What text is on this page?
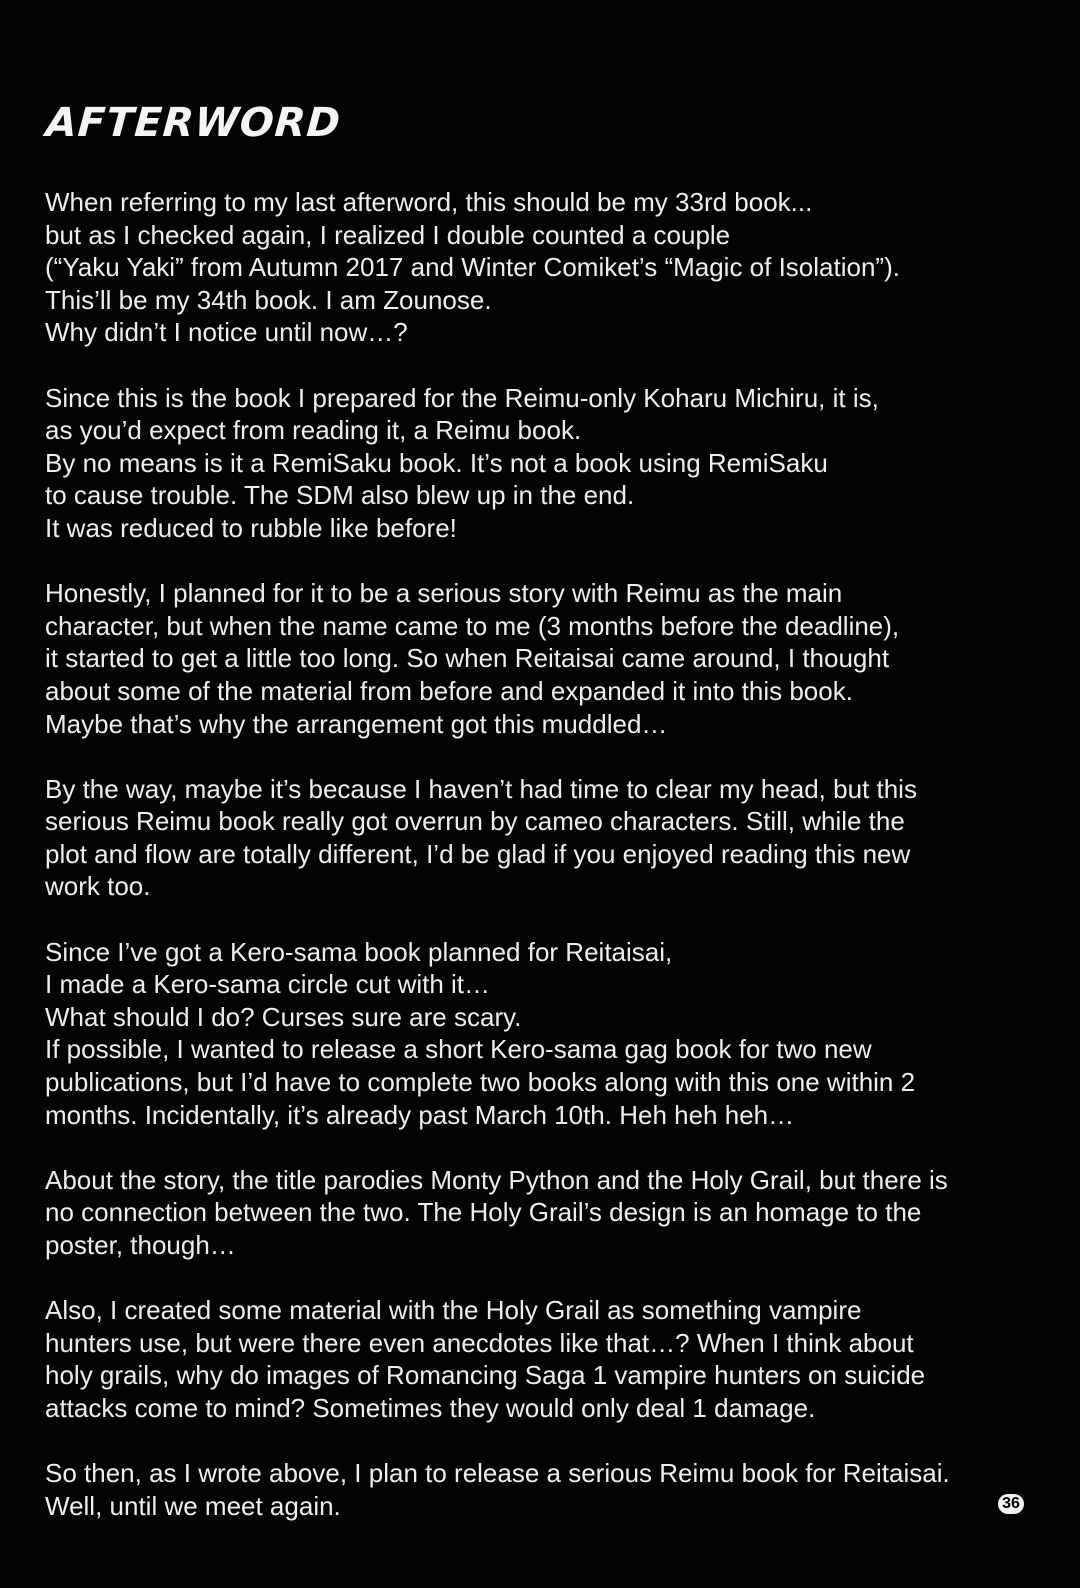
AFTERWORD

When referring to my last afterword, this should be my 33rd book...
but as I checked again, I realized I double counted a couple
(“Yaku Yaki” from Autumn 2017 and Winter Comiket’s “Magic of Isolation”).
This’ll be my 34th book. I am Zounose.
Why didn’t I notice until now…?

Since this is the book I prepared for the Reimu-only Koharu Michiru, it is,
as you’d expect from reading it, a Reimu book.
By no means is it a RemiSaku book. It’s not a book using RemiSaku
to cause trouble. The SDM also blew up in the end.
It was reduced to rubble like before!

Honestly, I planned for it to be a serious story with Reimu as the main
character, but when the name came to me (3 months before the deadline),
it started to get a little too long. So when Reitaisai came around, I thought
about some of the material from before and expanded it into this book.
Maybe that’s why the arrangement got this muddled…

By the way, maybe it’s because I haven’t had time to clear my head, but this
serious Reimu book really got overrun by cameo characters. Still, while the
plot and flow are totally different, I’d be glad if you enjoyed reading this new
work too.

Since I’ve got a Kero-sama book planned for Reitaisai,
I made a Kero-sama circle cut with it…
What should I do? Curses sure are scary.
If possible, I wanted to release a short Kero-sama gag book for two new
publications, but I’d have to complete two books along with this one within 2
months. Incidentally, it’s already past March 10th. Heh heh heh…

About the story, the title parodies Monty Python and the Holy Grail, but there is
no connection between the two. The Holy Grail’s design is an homage to the
poster, though…

Also, I created some material with the Holy Grail as something vampire
hunters use, but were there even anecdotes like that…? When I think about
holy grails, why do images of Romancing Saga 1 vampire hunters on suicide
attacks come to mind? Sometimes they would only deal 1 damage.

So then, as I wrote above, I plan to release a serious Reimu book for Reitaisai.
Well, until we meet again.	36
